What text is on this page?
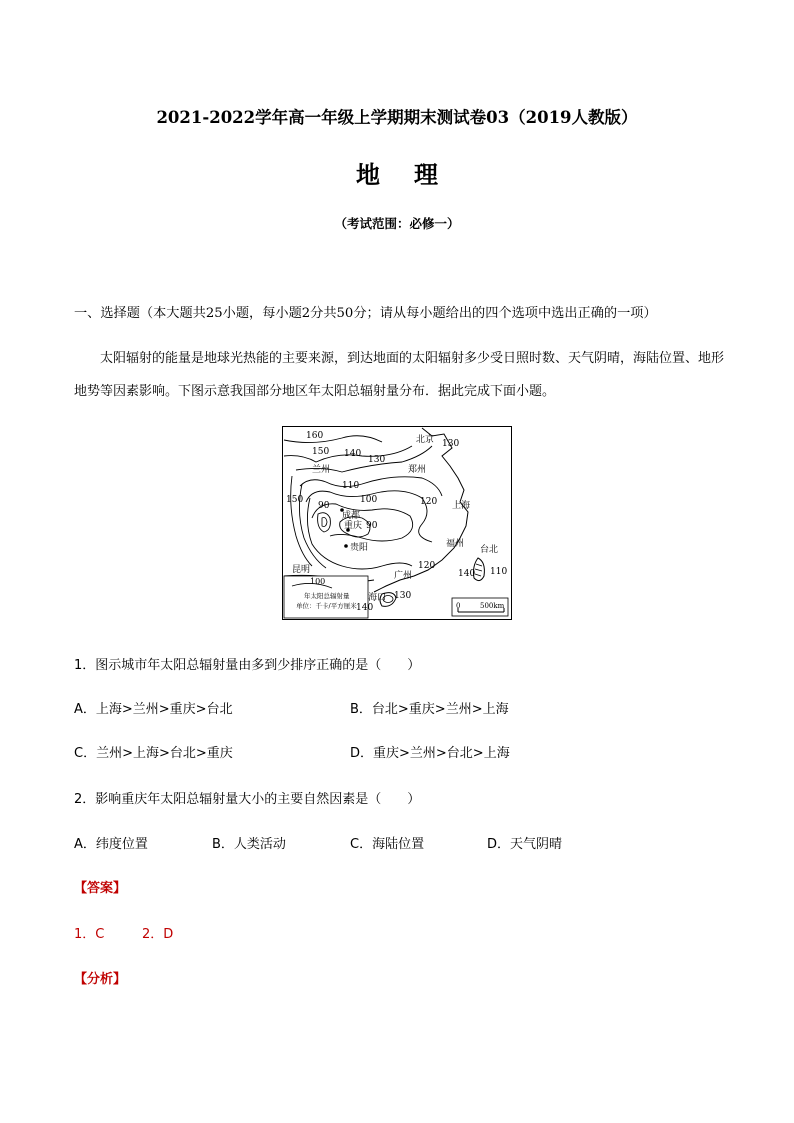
2021-2022学年高一年级上学期期末测试卷03（2019人教版）
地理
（考试范围：必修一）
一、选择题（本大题共25小题，每小题2分共50分；请从每小题给出的四个选项中选出正确的一项）
太阳辐射的能量是地球光热能的主要来源，到达地面的太阳辐射多少受日照时数、天气阴晴，海陆位置、地形地势等因素影响。下图示意我国部分地区年太阳总辐射量分布．据此完成下面小题。
北京
兰州	郑州
成都
重庆
贵阳
上海
福州
台北
昆明
广州
海口
160
150 140
130
130
110
100	120
150
90
90
120
140 110
140
130
100
年太阳总辐射量
单位：千卡/平方厘米	0	500km
1．图示城市年太阳总辐射量由多到少排序正确的是（　　）
A．上海>兰州>重庆>台北	B．台北>重庆>兰州>上海
C．兰州>上海>台北>重庆	D．重庆>兰州>台北>上海
2．影响重庆年太阳总辐射量大小的主要自然因素是（　　）
A．纬度位置	B．人类活动	C．海陆位置	D．天气阴晴
【答案】
1．C	2．D
【分析】
